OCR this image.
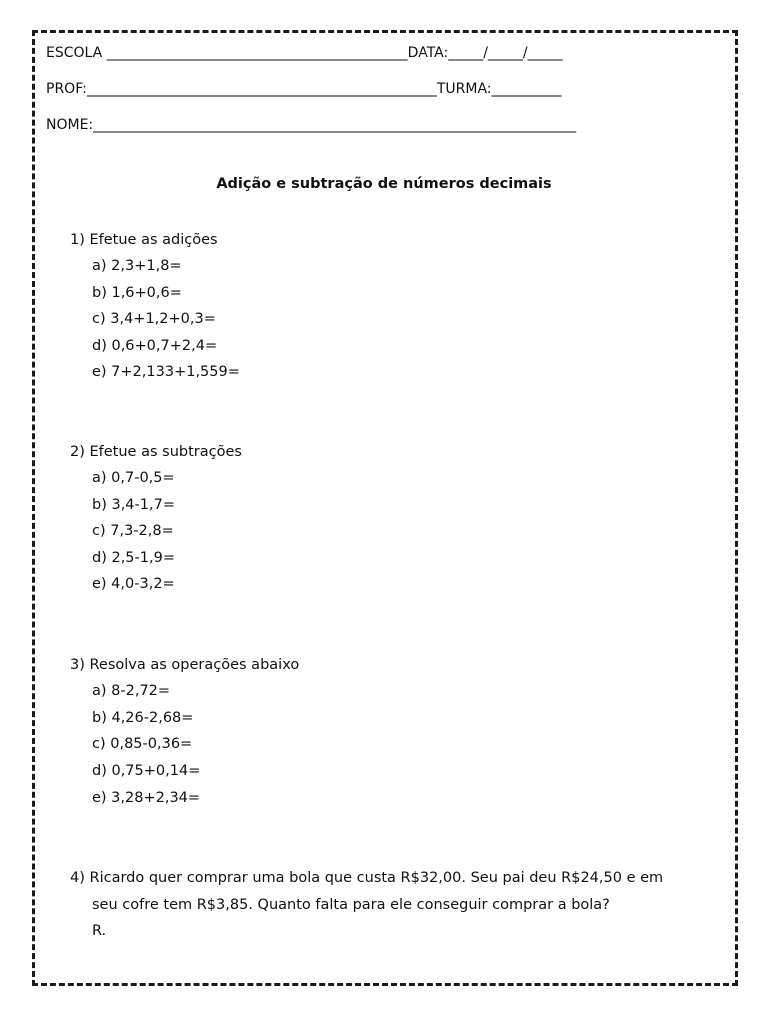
ESCOLA ___________________________________________DATA:_____/_____/_____
PROF:__________________________________________________TURMA:__________
NOME:_____________________________________________________________________
Adição e subtração de números decimais
1) Efetue as adições
a) 2,3+1,8=
b) 1,6+0,6=
c) 3,4+1,2+0,3=
d) 0,6+0,7+2,4=
e) 7+2,133+1,559=
2) Efetue as subtrações
a) 0,7-0,5=
b) 3,4-1,7=
c) 7,3-2,8=
d) 2,5-1,9=
e) 4,0-3,2=
3) Resolva as operações abaixo
a) 8-2,72=
b) 4,26-2,68=
c) 0,85-0,36=
d) 0,75+0,14=
e) 3,28+2,34=
4) Ricardo quer comprar uma bola que custa R$32,00. Seu pai deu R$24,50 e em
seu cofre tem R$3,85. Quanto falta para ele conseguir comprar a bola?
R.
